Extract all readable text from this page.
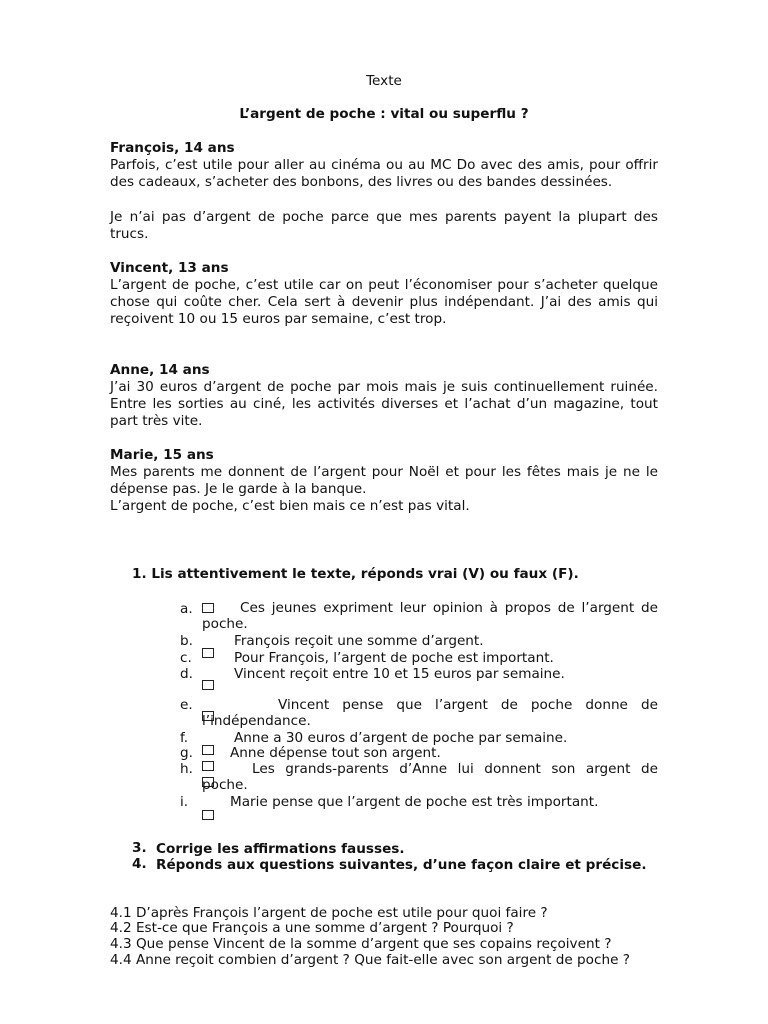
Texte
L’argent de poche : vital ou superflu ?
François, 14 ans
Parfois, c’est utile pour aller au cinéma ou au MC Do avec des amis, pour offrir des cadeaux, s’acheter des bonbons, des livres ou des bandes dessinées.
Je n’ai pas d’argent de poche parce que mes parents payent la plupart des trucs.
Vincent, 13 ans
L’argent de poche, c’est utile car on peut l’économiser pour s’acheter quelque chose qui coûte cher. Cela sert à devenir plus indépendant. J’ai des amis qui reçoivent 10 ou 15 euros par semaine, c’est trop.
Anne, 14 ans
J’ai 30 euros d’argent de poche par mois mais je suis continuellement ruinée. Entre les sorties au ciné, les activités diverses et l’achat d’un magazine, tout part très vite.
Marie, 15 ans
Mes parents me donnent de l’argent pour Noël et pour les fêtes mais je ne le dépense pas. Je le garde à la banque.
L’argent de poche, c’est bien mais ce n’est pas vital.
1. Lis attentivement le texte, réponds vrai (V) ou faux (F).
a.	Ces jeunes expriment leur opinion à propos de l’argent de poche.
b.	François reçoit une somme d’argent.
c.	Pour François, l’argent de poche est important.
d.	Vincent reçoit entre 10 et 15 euros par semaine.
e.	Vincent pense que l’argent de poche donne de l’indépendance.
f.	Anne a 30 euros d’argent de poche par semaine.
g.	Anne dépense tout son argent.
h.	Les grands-parents d’Anne lui donnent son argent de poche.
i.	Marie pense que l’argent de poche est très important.
3. Corrige les affirmations fausses.
4. Réponds aux questions suivantes, d’une façon claire et précise.
4.1 D’après François l’argent de poche est utile pour quoi faire ?
4.2 Est-ce que François a une somme d’argent ? Pourquoi ?
4.3 Que pense Vincent de la somme d’argent que ses copains reçoivent ?
4.4 Anne reçoit combien d’argent ? Que fait-elle avec son argent de poche ?
